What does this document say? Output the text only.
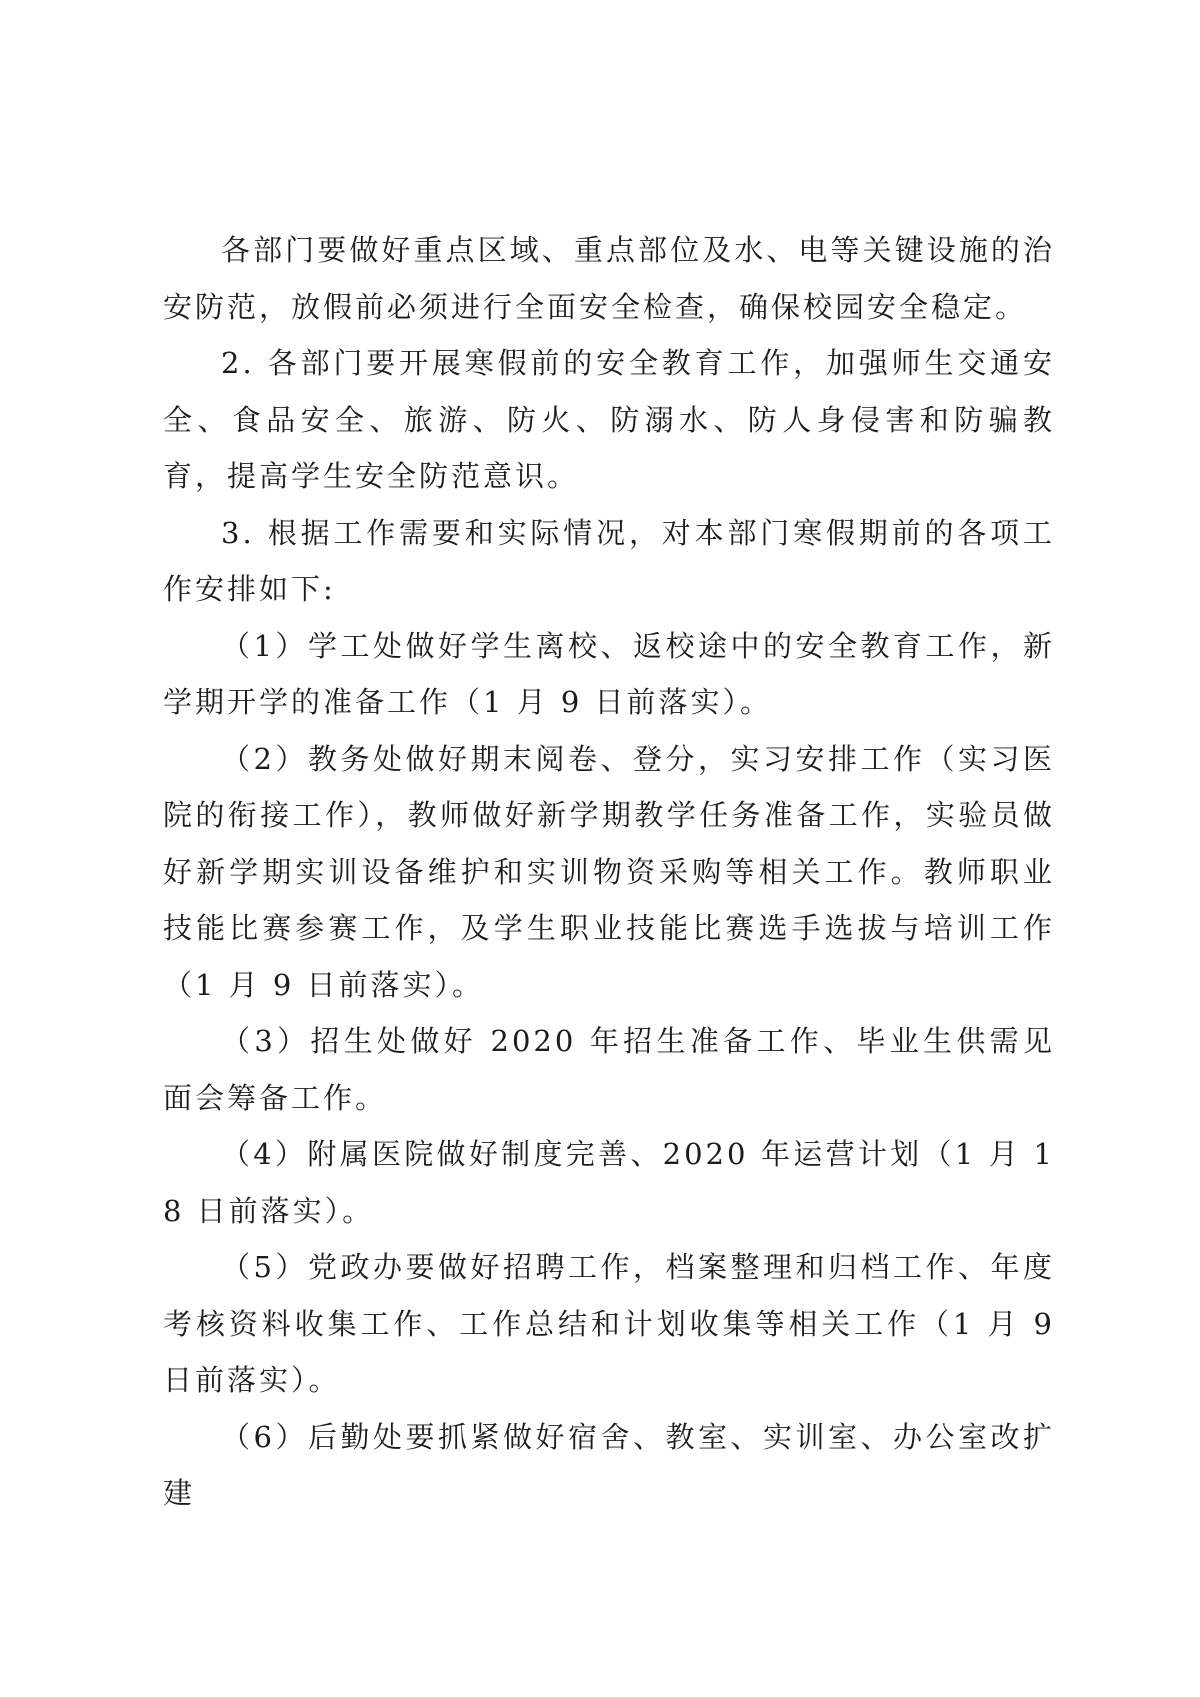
各部门要做好重点区域、重点部位及水、电等关键设施的治安防范，放假前必须进行全面安全检查，确保校园安全稳定。

2. 各部门要开展寒假前的安全教育工作，加强师生交通安全、食品安全、旅游、防火、防溺水、防人身侵害和防骗教育，提高学生安全防范意识。

3. 根据工作需要和实际情况，对本部门寒假期前的各项工作安排如下:

（1）学工处做好学生离校、返校途中的安全教育工作，新学期开学的准备工作（1 月 9 日前落实）。

（2）教务处做好期末阅卷、登分，实习安排工作（实习医院的衔接工作），教师做好新学期教学任务准备工作，实验员做好新学期实训设备维护和实训物资采购等相关工作。教师职业技能比赛参赛工作，及学生职业技能比赛选手选拔与培训工作（1 月 9 日前落实）。

（3）招生处做好 2020 年招生准备工作、毕业生供需见面会筹备工作。

（4）附属医院做好制度完善、2020 年运营计划（1 月 18 日前落实）。

（5）党政办要做好招聘工作，档案整理和归档工作、年度考核资料收集工作、工作总结和计划收集等相关工作（1 月 9 日前落实）。

（6）后勤处要抓紧做好宿舍、教室、实训室、办公室改扩建
